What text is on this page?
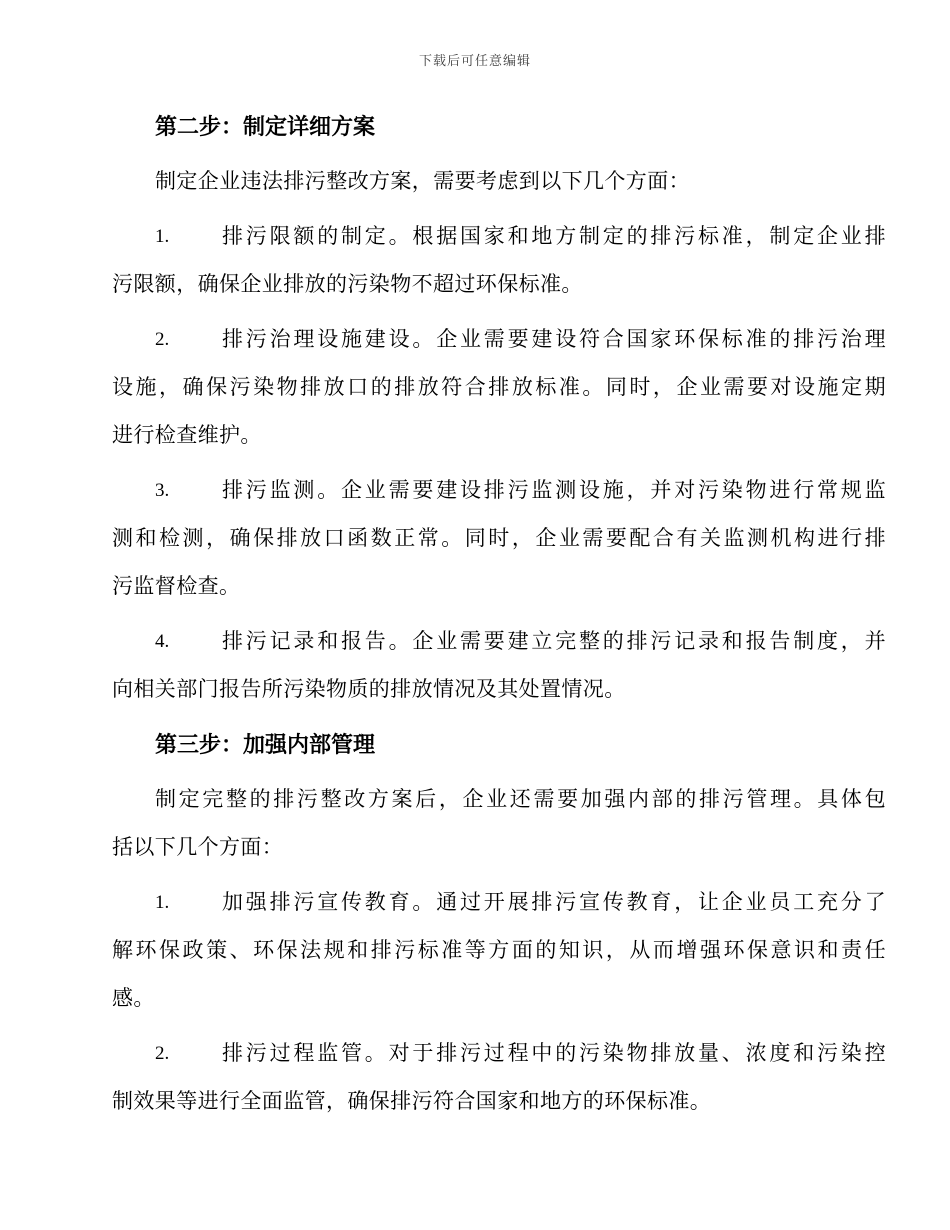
下载后可任意编辑
第二步：制定详细方案
制定企业违法排污整改方案，需要考虑到以下几个方面：
1.	排污限额的制定。根据国家和地方制定的排污标准，制定企业排
污限额，确保企业排放的污染物不超过环保标准。
2.	排污治理设施建设。企业需要建设符合国家环保标准的排污治理
设施，确保污染物排放口的排放符合排放标准。同时，企业需要对设施定期
进行检查维护。
3.	排污监测。企业需要建设排污监测设施，并对污染物进行常规监
测和检测，确保排放口函数正常。同时，企业需要配合有关监测机构进行排
污监督检查。
4.	排污记录和报告。企业需要建立完整的排污记录和报告制度，并
向相关部门报告所污染物质的排放情况及其处置情况。
第三步：加强内部管理
制定完整的排污整改方案后，企业还需要加强内部的排污管理。具体包
括以下几个方面：
1.	加强排污宣传教育。通过开展排污宣传教育，让企业员工充分了
解环保政策、环保法规和排污标准等方面的知识，从而增强环保意识和责任
感。
2.	排污过程监管。对于排污过程中的污染物排放量、浓度和污染控
制效果等进行全面监管，确保排污符合国家和地方的环保标准。
